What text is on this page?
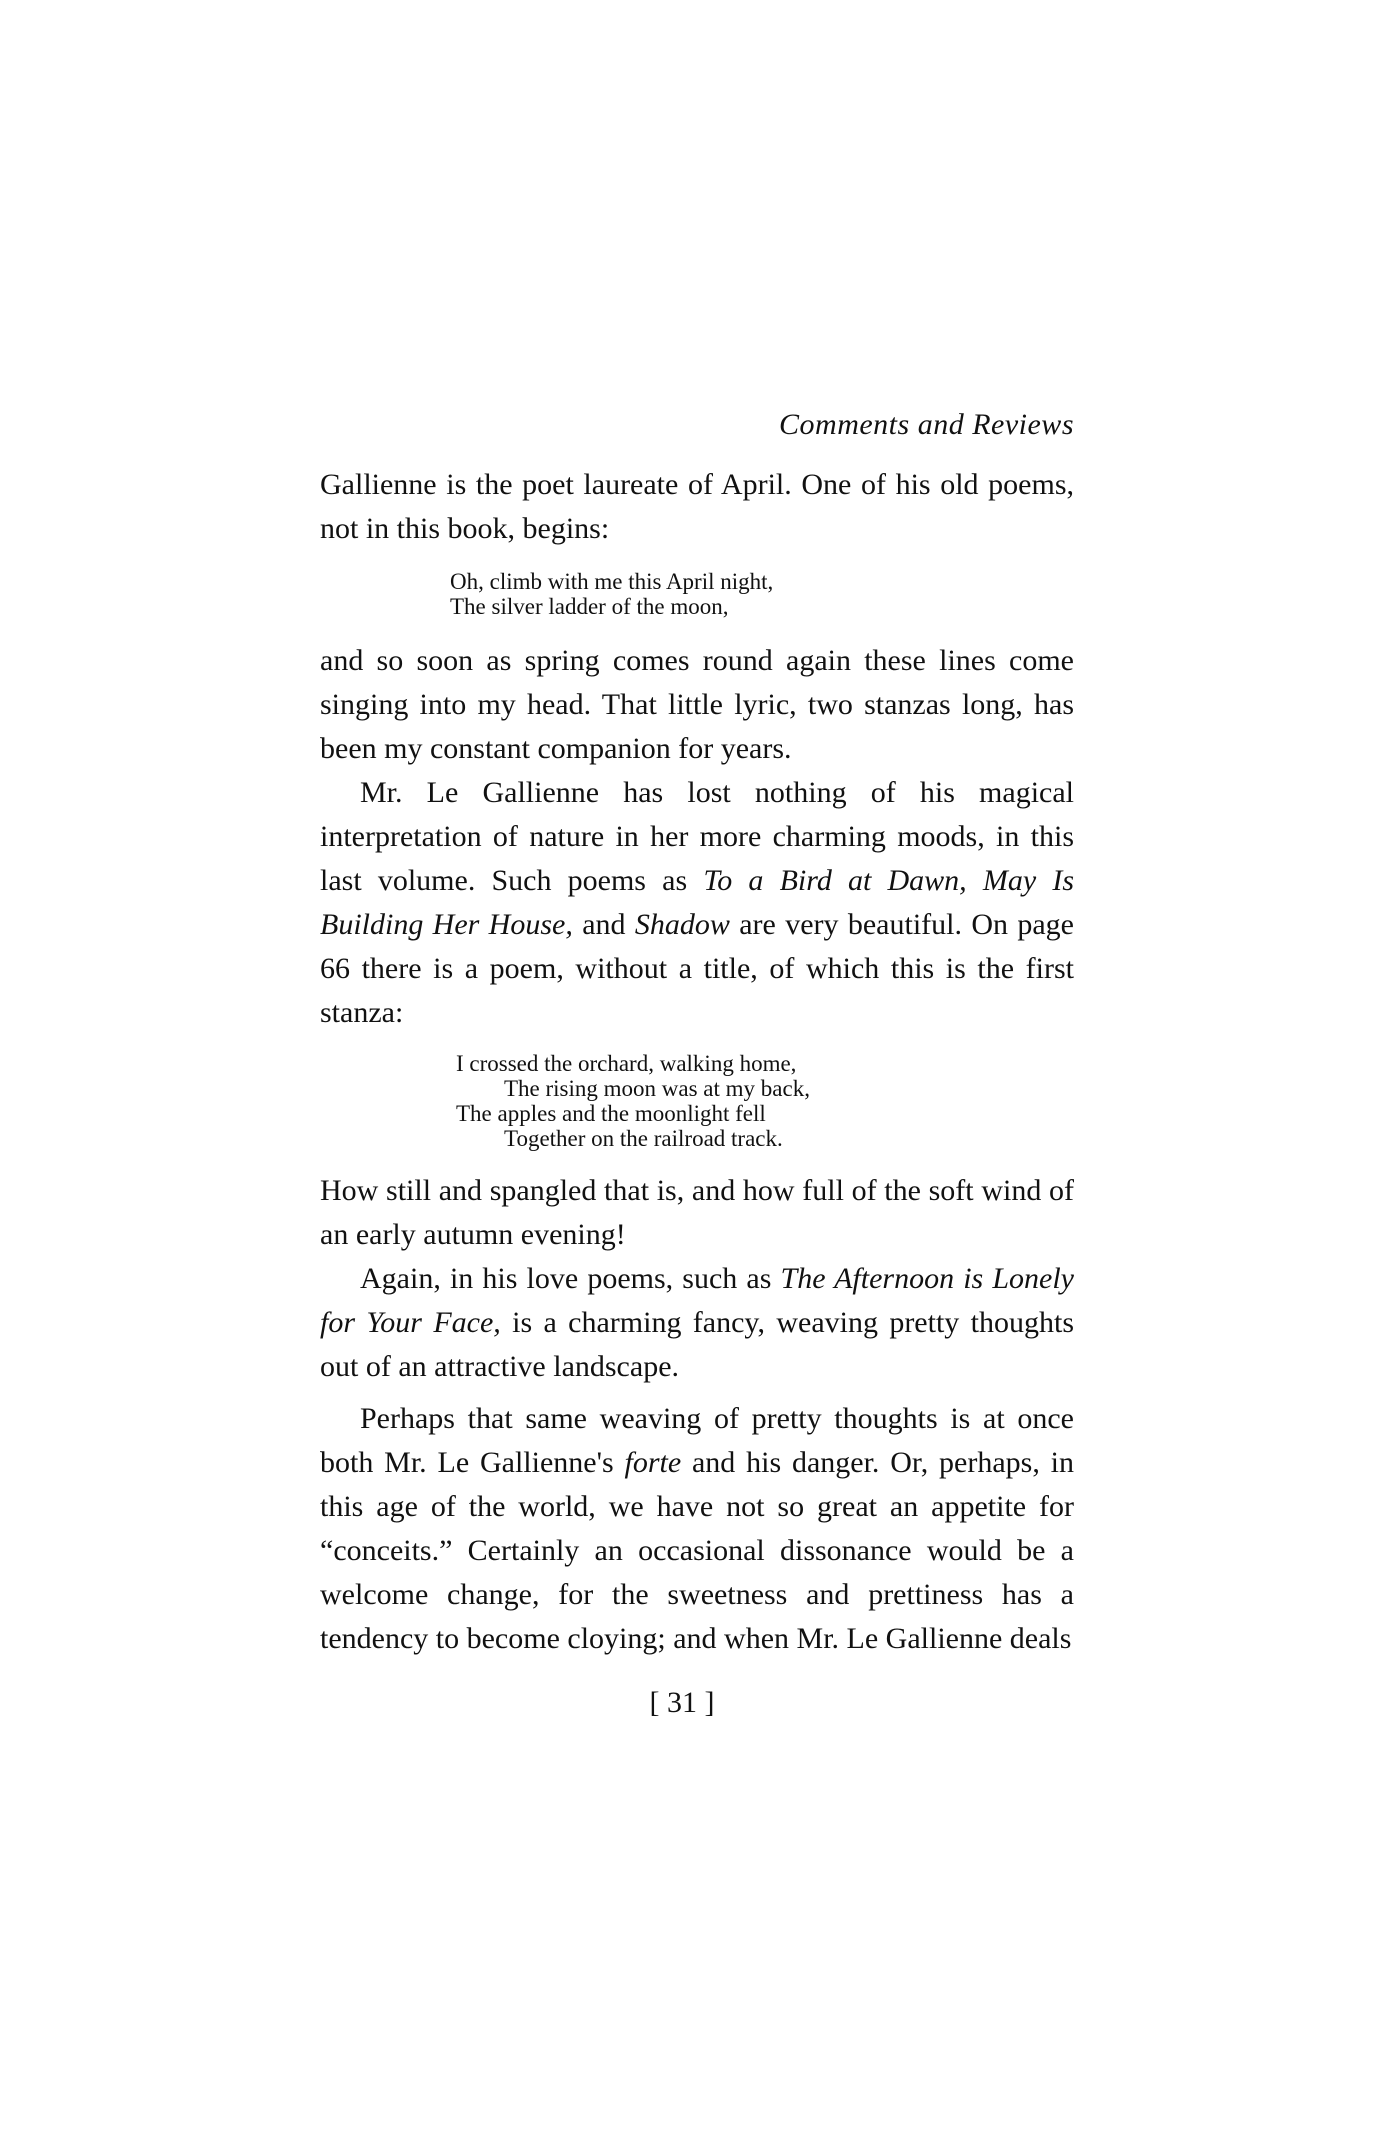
Comments and Reviews

Gallienne is the poet laureate of April. One of his old poems, not in this book, begins:

Oh, climb with me this April night,
The silver ladder of the moon,

and so soon as spring comes round again these lines come singing into my head. That little lyric, two stanzas long, has been my constant companion for years.

Mr. Le Gallienne has lost nothing of his magical interpretation of nature in her more charming moods, in this last volume. Such poems as To a Bird at Dawn, May Is Building Her House, and Shadow are very beautiful. On page 66 there is a poem, without a title, of which this is the first stanza:

I crossed the orchard, walking home,
The rising moon was at my back,
The apples and the moonlight fell
Together on the railroad track.

How still and spangled that is, and how full of the soft wind of an early autumn evening!

Again, in his love poems, such as The Afternoon is Lonely for Your Face, is a charming fancy, weaving pretty thoughts out of an attractive landscape.

Perhaps that same weaving of pretty thoughts is at once both Mr. Le Gallienne's forte and his danger. Or, perhaps, in this age of the world, we have not so great an appetite for “conceits.” Certainly an occasional dissonance would be a welcome change, for the sweetness and prettiness has a tendency to become cloying; and when Mr. Le Gallienne deals

[ 31 ]
